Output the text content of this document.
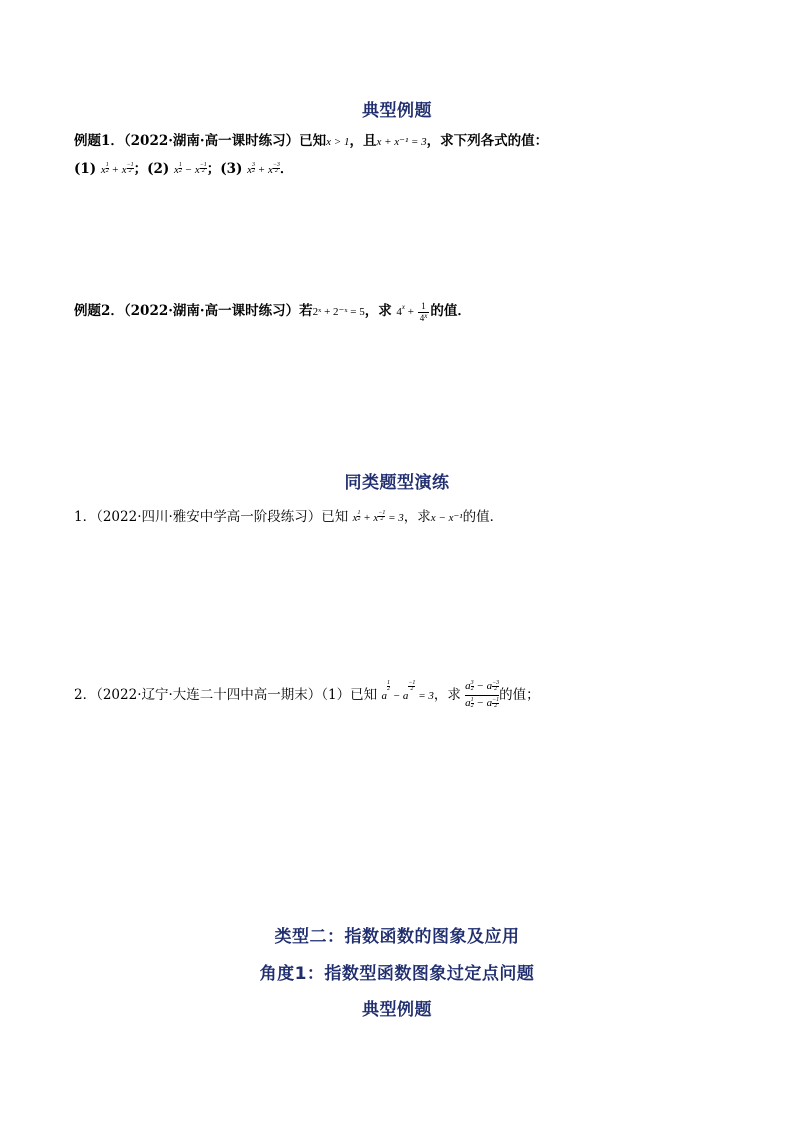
典型例题
例题1．（2022·湖南·高一课时练习）已知x > 1，且x + x⁻¹ = 3，求下列各式的值：
(1) x $\frac{1}{2} + x \frac{-1}{2}$ ；(2) x $\frac{1}{2} - x \frac{-1}{2}$ ；(3) x $\frac{3}{2} + x \frac{-3}{2}$ ．
例题2．（2022·湖南·高一课时练习）若2ˣ + 2⁻ˣ = 5，求 $4x + \frac{1}{4x}$ 的值．
同类题型演练
1．（2022·四川·雅安中学高一阶段练习）已知 x $\frac{1}{2} + x \frac{-1}{2} = 3$，求x − x⁻¹的值．
2．（2022·辽宁·大连二十四中高一期末）（1）已知 a
$\frac{1}{2}$
− a
$\frac{-1}{2}$
= 3，求 $\frac{a \frac{3}{2} - a \frac{-3}{2}}{a \frac{1}{2} - a \frac{-1}{2}}$ 的值；
类型二：指数函数的图象及应用
角度1：指数型函数图象过定点问题
典型例题
